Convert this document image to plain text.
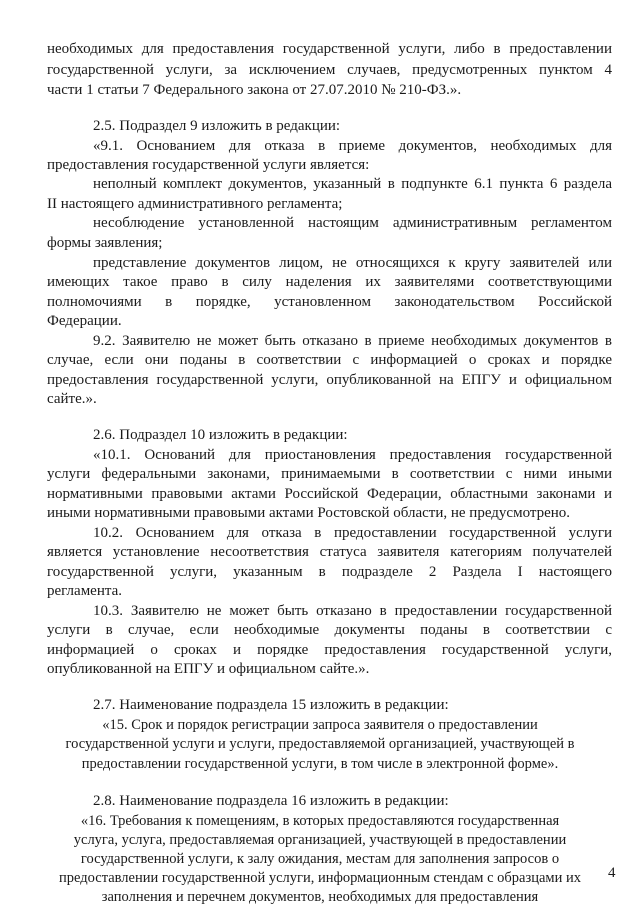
необходимых для предоставления государственной услуги, либо в предоставлении

государственной услуги, за исключением случаев, предусмотренных пунктом 4

части 1 статьи 7 Федерального закона от 27.07.2010 № 210-ФЗ.».

2.5. Подраздел 9 изложить в редакции:

«9.1. Основанием для отказа в приеме документов, необходимых для

предоставления государственной услуги является:

неполный комплект документов, указанный в подпункте 6.1 пункта 6 раздела

II настоящего административного регламента;

несоблюдение установленной настоящим административным регламентом

формы заявления;

представление документов лицом, не относящихся к кругу заявителей или

имеющих такое право в силу наделения их заявителями соответствующими

полномочиями в порядке, установленном законодательством Российской

Федерации.

9.2. Заявителю не может быть отказано в приеме необходимых документов в

случае, если они поданы в соответствии с информацией о сроках и порядке

предоставления государственной услуги, опубликованной на ЕПГУ и официальном

сайте.».

2.6. Подраздел 10 изложить в редакции:

«10.1. Оснований для приостановления предоставления государственной

услуги федеральными законами, принимаемыми в соответствии с ними иными

нормативными правовыми актами Российской Федерации, областными законами и

иными нормативными правовыми актами Ростовской области, не предусмотрено.

10.2. Основанием для отказа в предоставлении государственной услуги

является установление несоответствия статуса заявителя категориям получателей

государственной услуги, указанным в подразделе 2 Раздела I настоящего

регламента.

10.3. Заявителю не может быть отказано в предоставлении государственной

услуги в случае, если необходимые документы поданы в соответствии с

информацией о сроках и порядке предоставления государственной услуги,

опубликованной на ЕПГУ и официальном сайте.».

2.7. Наименование подраздела 15 изложить в редакции:

«15. Срок и порядок регистрации запроса заявителя о предоставлении

государственной услуги и услуги, предоставляемой организацией, участвующей в

предоставлении государственной услуги, в том числе в электронной форме».

2.8. Наименование подраздела 16 изложить в редакции:

«16. Требования к помещениям, в которых предоставляются государственная

услуга, услуга, предоставляемая организацией, участвующей в предоставлении

государственной услуги, к залу ожидания, местам для заполнения запросов о

предоставлении государственной услуги, информационным стендам с образцами их

заполнения и перечнем документов, необходимых для предоставления

4
